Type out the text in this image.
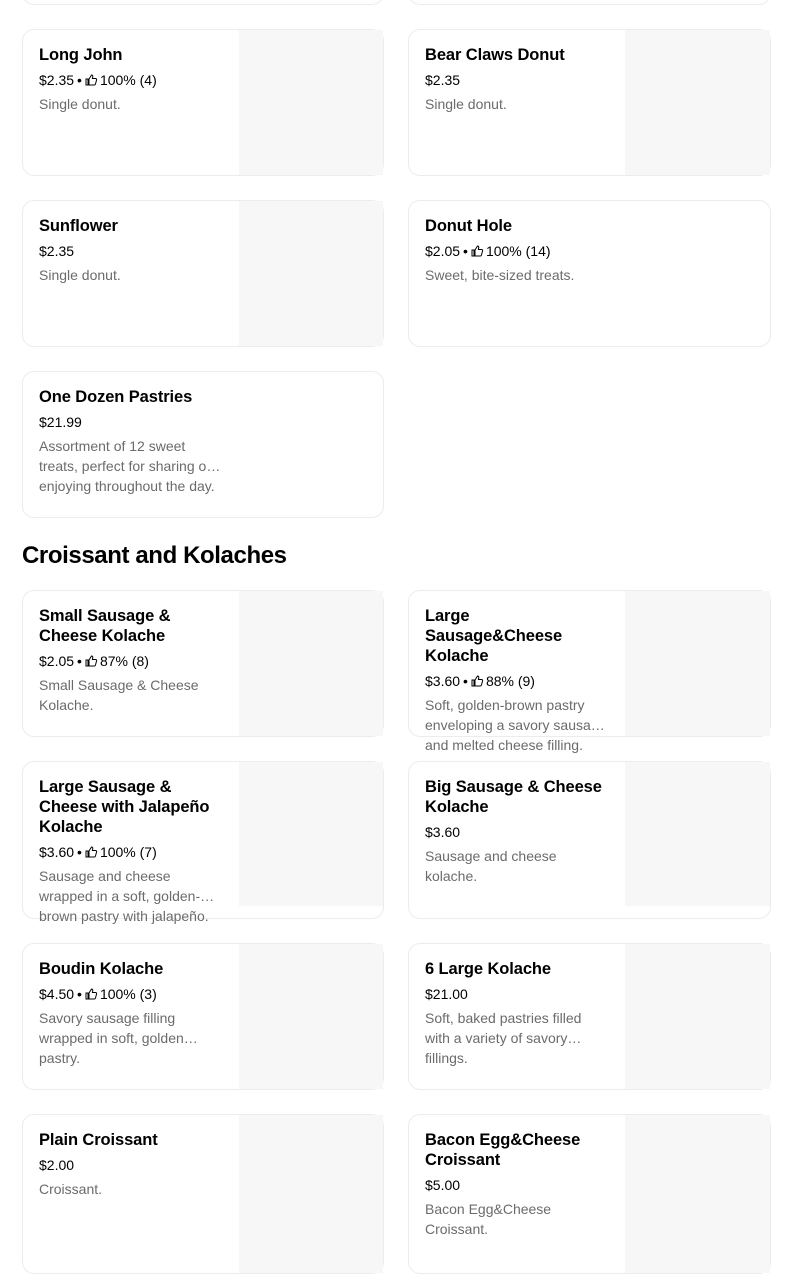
Long John
$2.35 • 100% (4)
Single donut.
Bear Claws Donut
$2.35
Single donut.
Sunflower
$2.35
Single donut.
Donut Hole
$2.05 • 100% (14)
Sweet, bite-sized treats.
One Dozen Pastries
$21.99
Assortment of 12 sweet treats, perfect for sharing or enjoying throughout the day.
Croissant and Kolaches
Small Sausage & Cheese Kolache
$2.05 • 87% (8)
Small Sausage & Cheese Kolache.
Large Sausage&Cheese Kolache
$3.60 • 88% (9)
Soft, golden-brown pastry enveloping a savory sausage and melted cheese filling.
Large Sausage & Cheese with Jalapeño Kolache
$3.60 • 100% (7)
Sausage and cheese wrapped in a soft, golden-brown pastry with jalapeño.
Big Sausage & Cheese Kolache
$3.60
Sausage and cheese kolache.
Boudin Kolache
$4.50 • 100% (3)
Savory sausage filling wrapped in soft, golden pastry.
6 Large Kolache
$21.00
Soft, baked pastries filled with a variety of savory fillings.
Plain Croissant
$2.00
Croissant.
Bacon Egg&Cheese Croissant
$5.00
Bacon Egg&Cheese Croissant.
